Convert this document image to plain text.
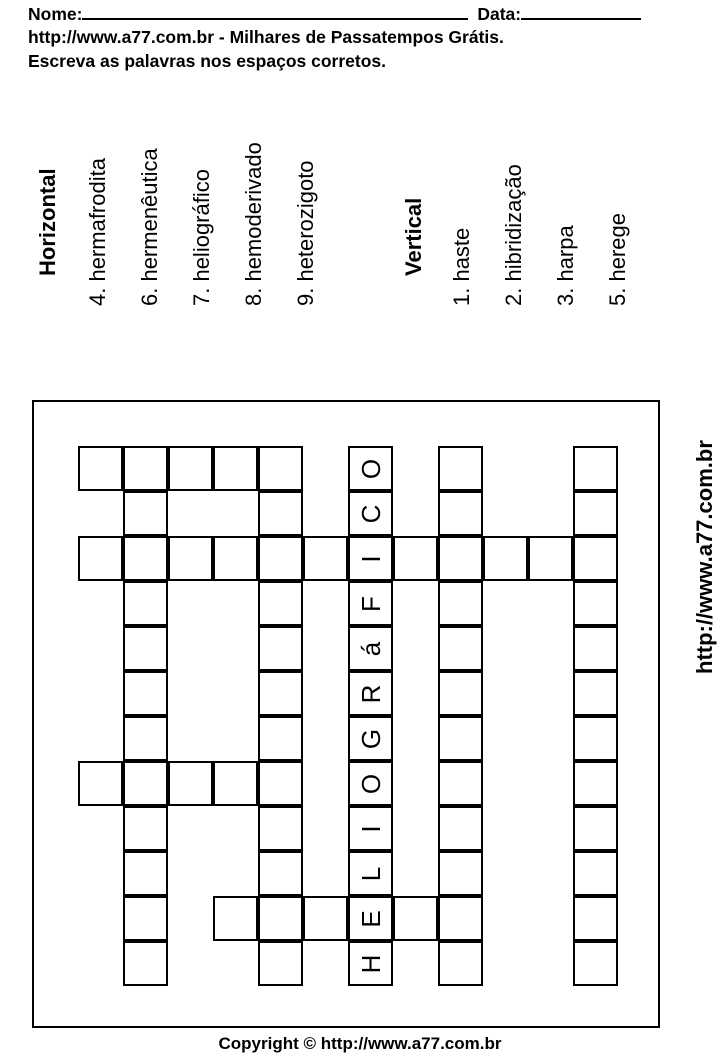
Nome:	Data:
http://www.a77.com.br - Milhares de Passatempos Grátis.
Escreva as palavras nos espaços corretos.
Horizontal 4. hermafrodita 6. hermenêutica 7. heliográfico 8. hemoderivado 9. heterozigoto	Vertical 1. haste 2. hibridização 3. harpa 5. herege
O
C
I
F
á
R
G
O
I
L
E
H
http://www.a77.com.br
Copyright © http://www.a77.com.br
